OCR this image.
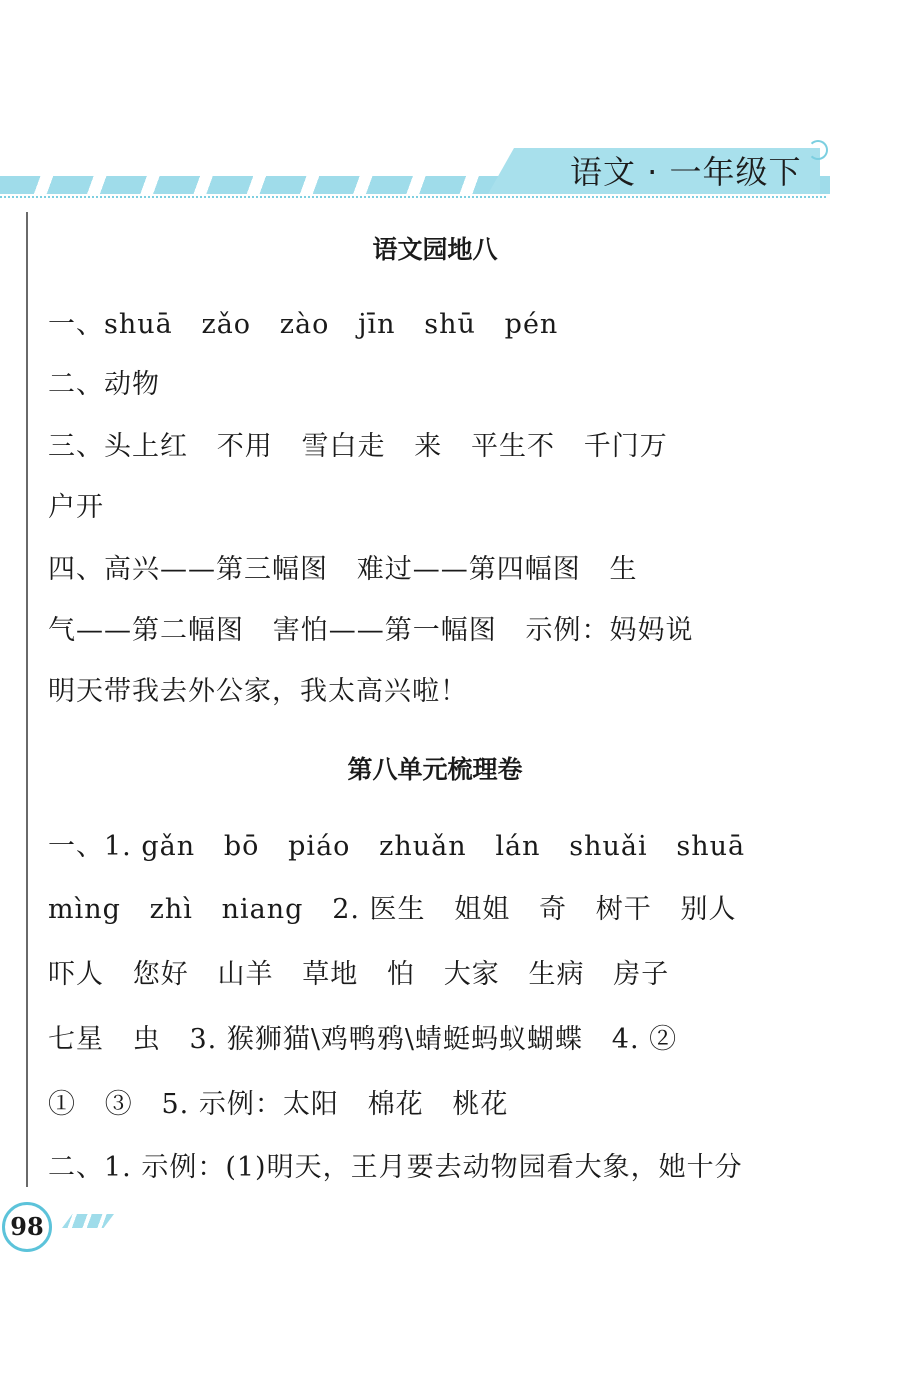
语文 · 一年级下
语文园地八
一、shuā   zǎo   zào   jīn   shū   pén
二、动物
三、头上红   不用   雪白走   来   平生不   千门万
户开
四、高兴——第三幅图   难过——第四幅图   生
气——第二幅图   害怕——第一幅图   示例：妈妈说
明天带我去外公家，我太高兴啦！
第八单元梳理卷
一、1. gǎn   bō   piáo   zhuǎn   lán   shuǎi   shuā
mìng   zhì   niang   2. 医生   姐姐   奇   树干   别人
吓人   您好   山羊   草地   怕   大家   生病   房子
七星   虫   3. 猴狮猫\鸡鸭鸦\蜻蜓蚂蚁蝴蝶   4. ②
①   ③   5. 示例：太阳   棉花   桃花
二、1. 示例：(1)明天，王月要去动物园看大象，她十分
98
